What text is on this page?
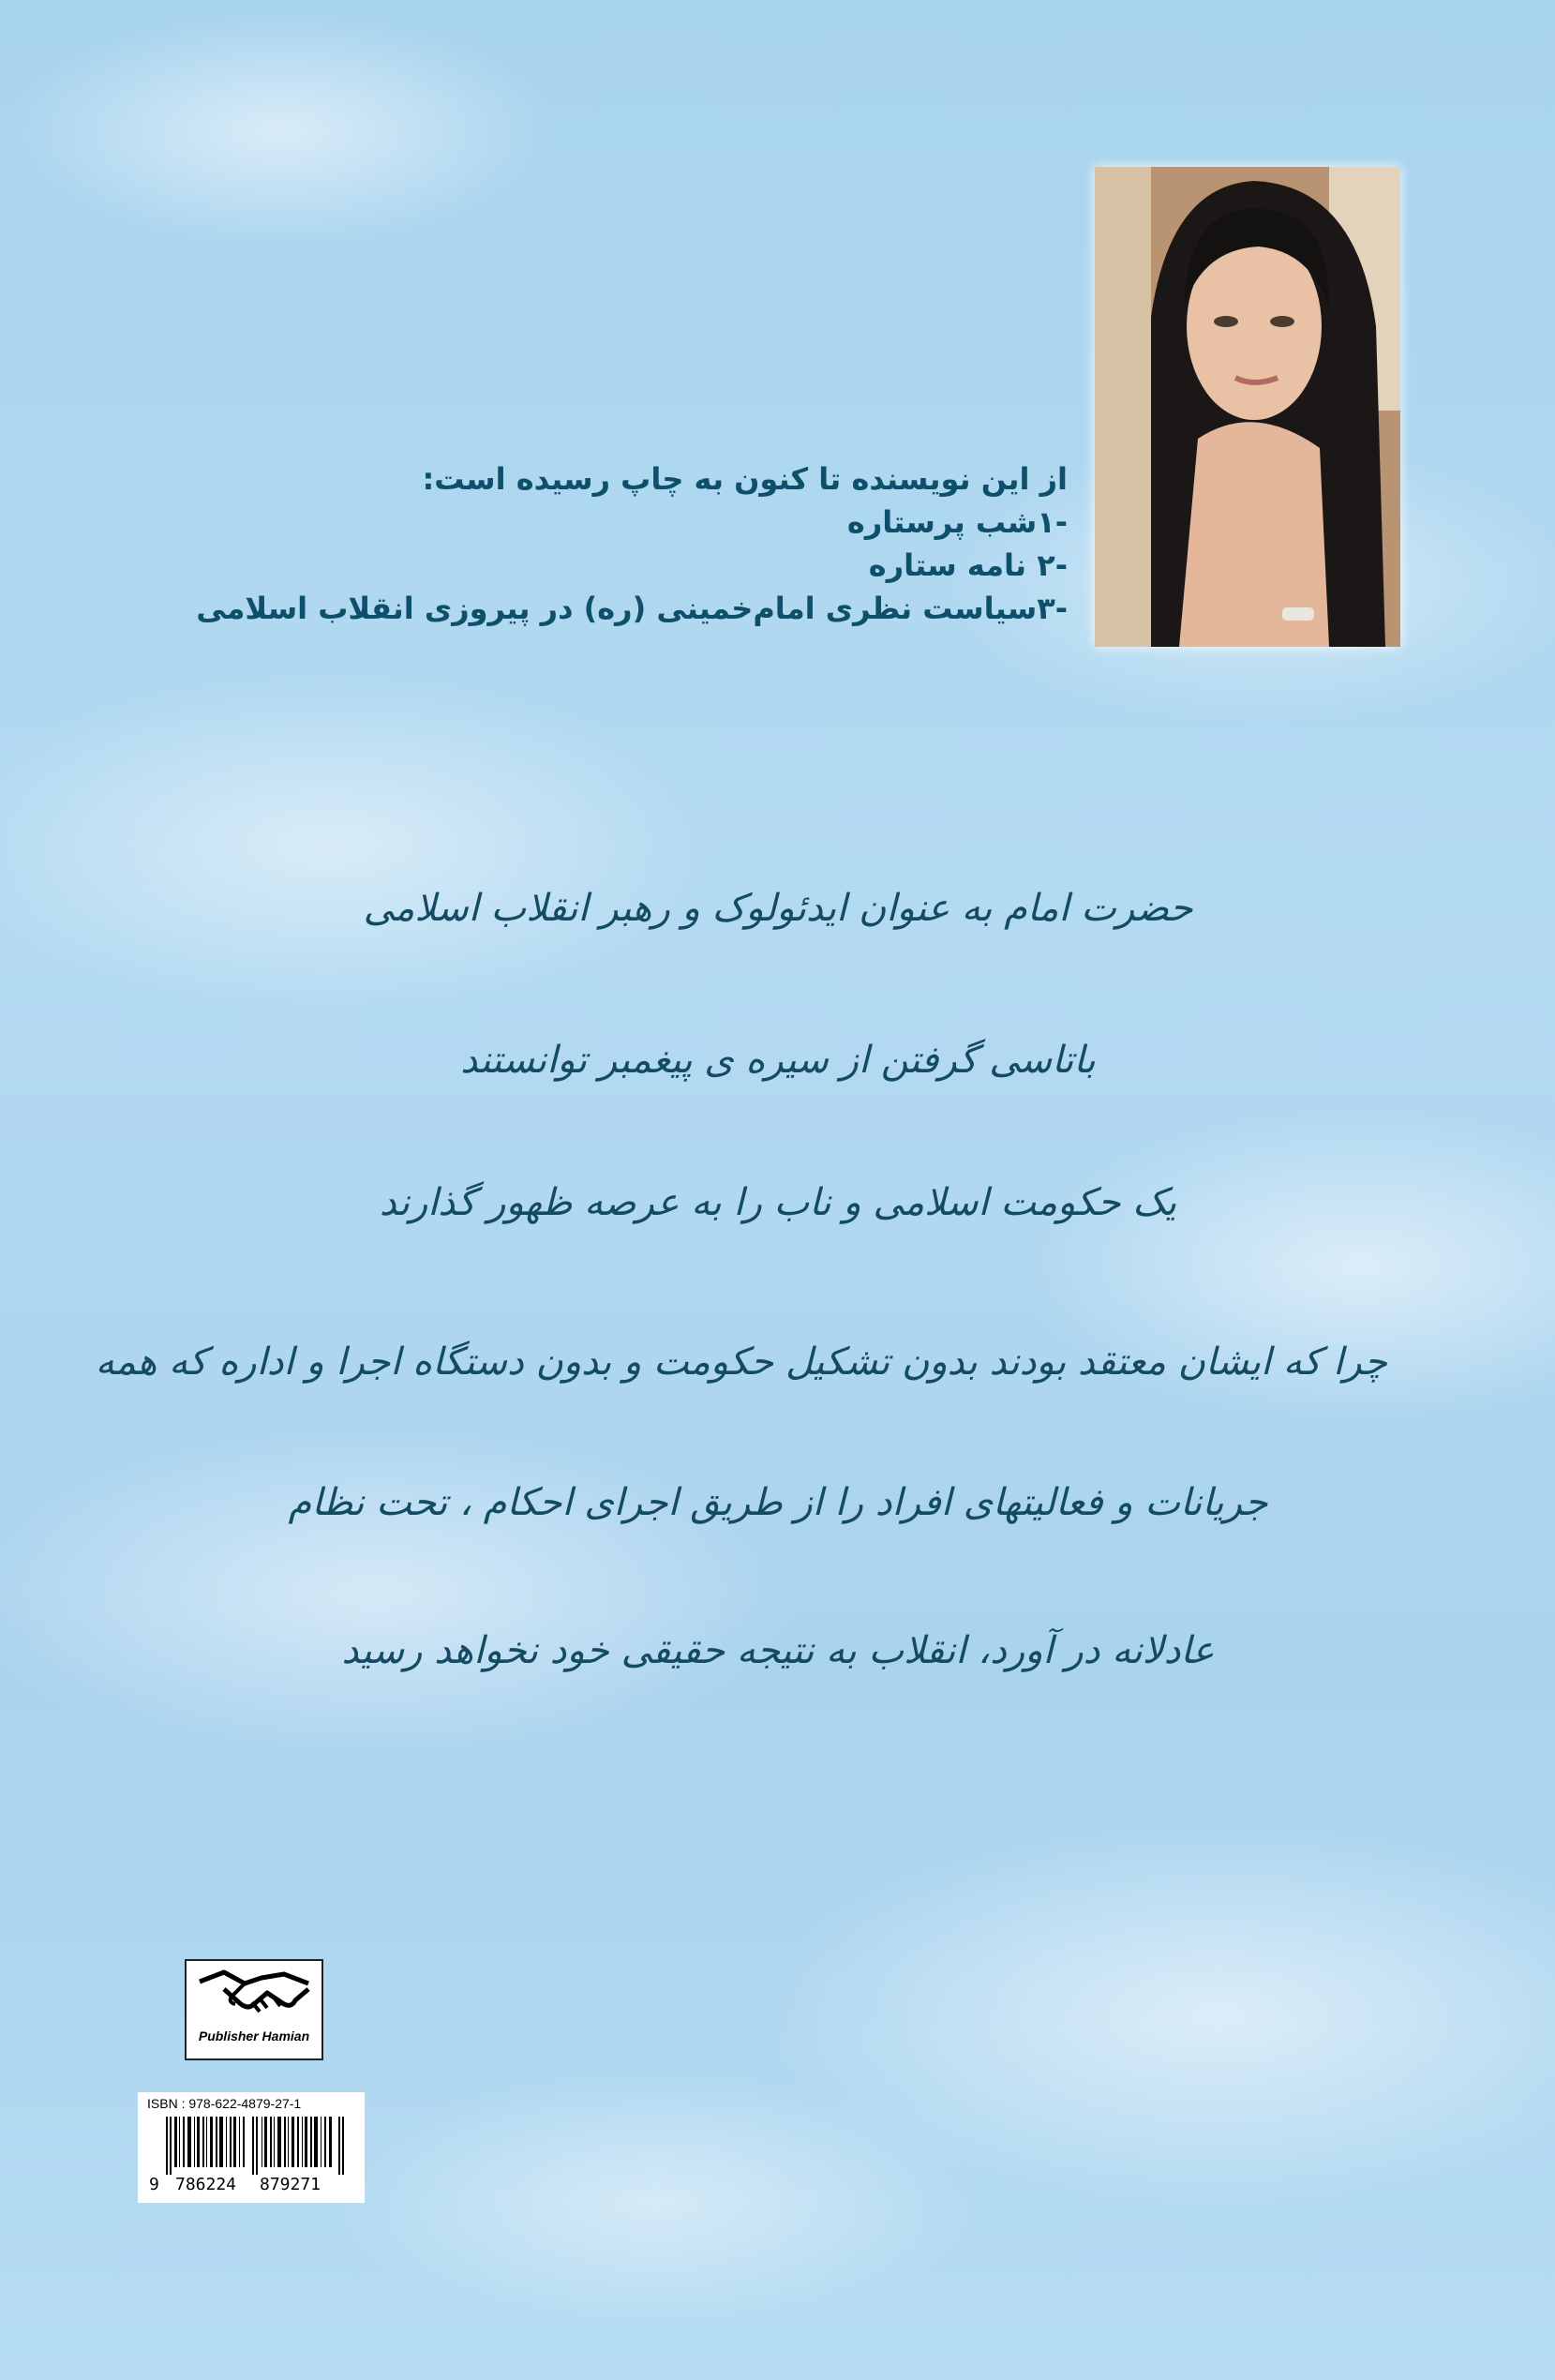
از این نویسنده تا کنون به چاپ رسیده است:
-۱شب پرستاره
-۲ نامه ستاره
-۳سیاست نظری امام‌خمینی (ره) در پیروزی انقلاب اسلامی
حضرت امام به عنوان ایدئولوک و رهبر انقلاب اسلامی
باتاسی گرفتن از سیره ی پیغمبر توانستند
یک حکومت اسلامی و ناب را به عرصه ظهور گذارند
چرا که ایشان معتقد بودند بدون تشکیل حکومت و بدون دستگاه اجرا و اداره که همه
جریانات و فعالیتهای افراد را از طریق اجرای احکام ، تحت نظام
عادلانه در آورد، انقلاب به نتیجه حقیقی خود نخواهد رسید
Publisher Hamian
ISBN : 978-622-4879-27-1
9 786224 879271
